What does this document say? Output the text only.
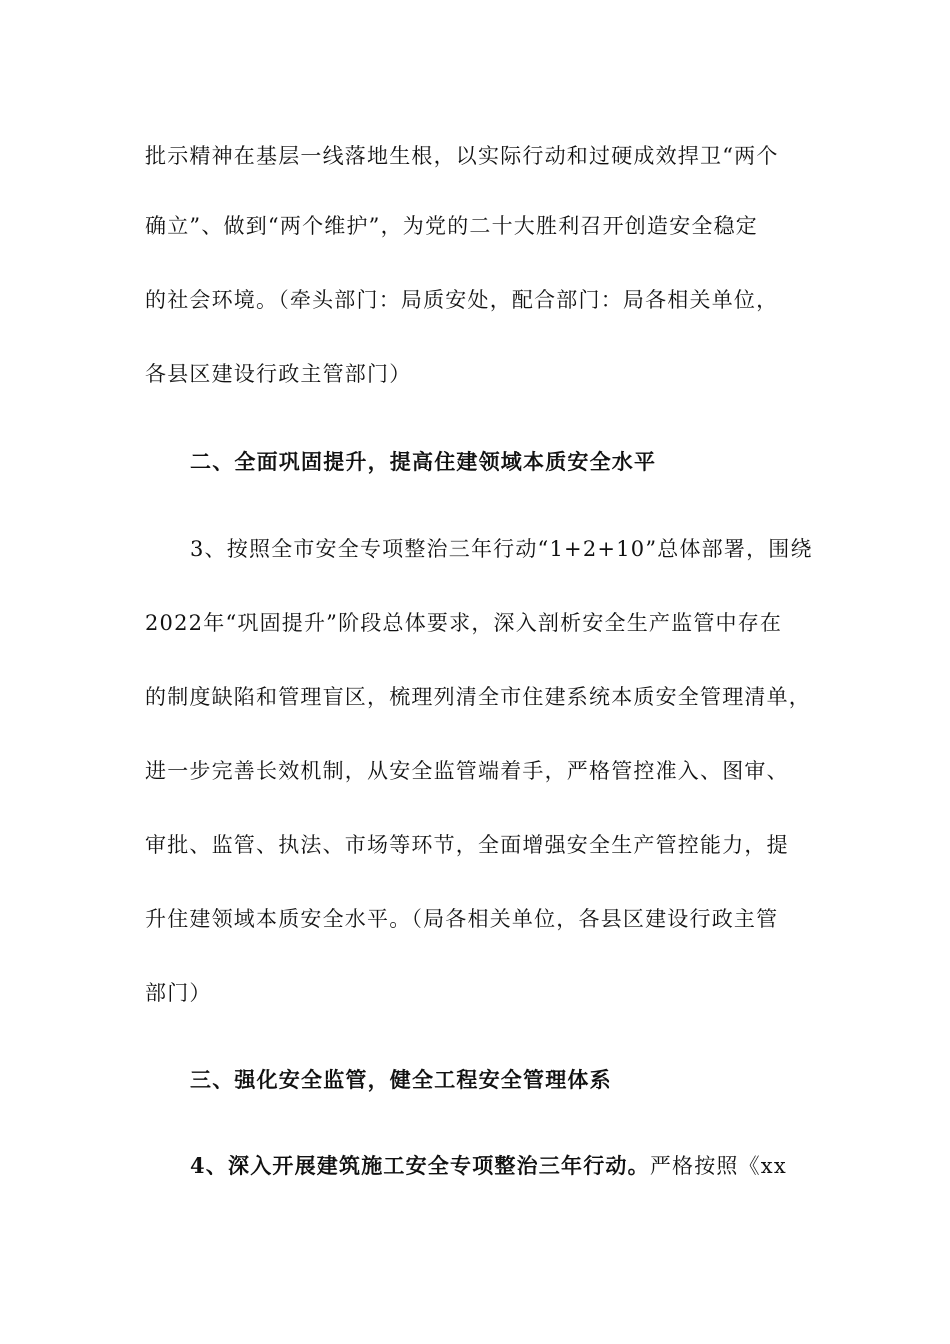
批示精神在基层一线落地生根，以实际行动和过硬成效捍卫“两个
确立”、做到“两个维护”，为党的二十大胜利召开创造安全稳定
的社会环境。（牵头部门：局质安处，配合部门：局各相关单位，
各县区建设行政主管部门）
二、全面巩固提升，提高住建领域本质安全水平
3、按照全市安全专项整治三年行动“1+2+10”总体部署，围绕
2022年“巩固提升”阶段总体要求，深入剖析安全生产监管中存在
的制度缺陷和管理盲区，梳理列清全市住建系统本质安全管理清单，
进一步完善长效机制，从安全监管端着手，严格管控准入、图审、
审批、监管、执法、市场等环节，全面增强安全生产管控能力，提
升住建领域本质安全水平。（局各相关单位，各县区建设行政主管
部门）
三、强化安全监管，健全工程安全管理体系
4、深入开展建筑施工安全专项整治三年行动。严格按照《xx
